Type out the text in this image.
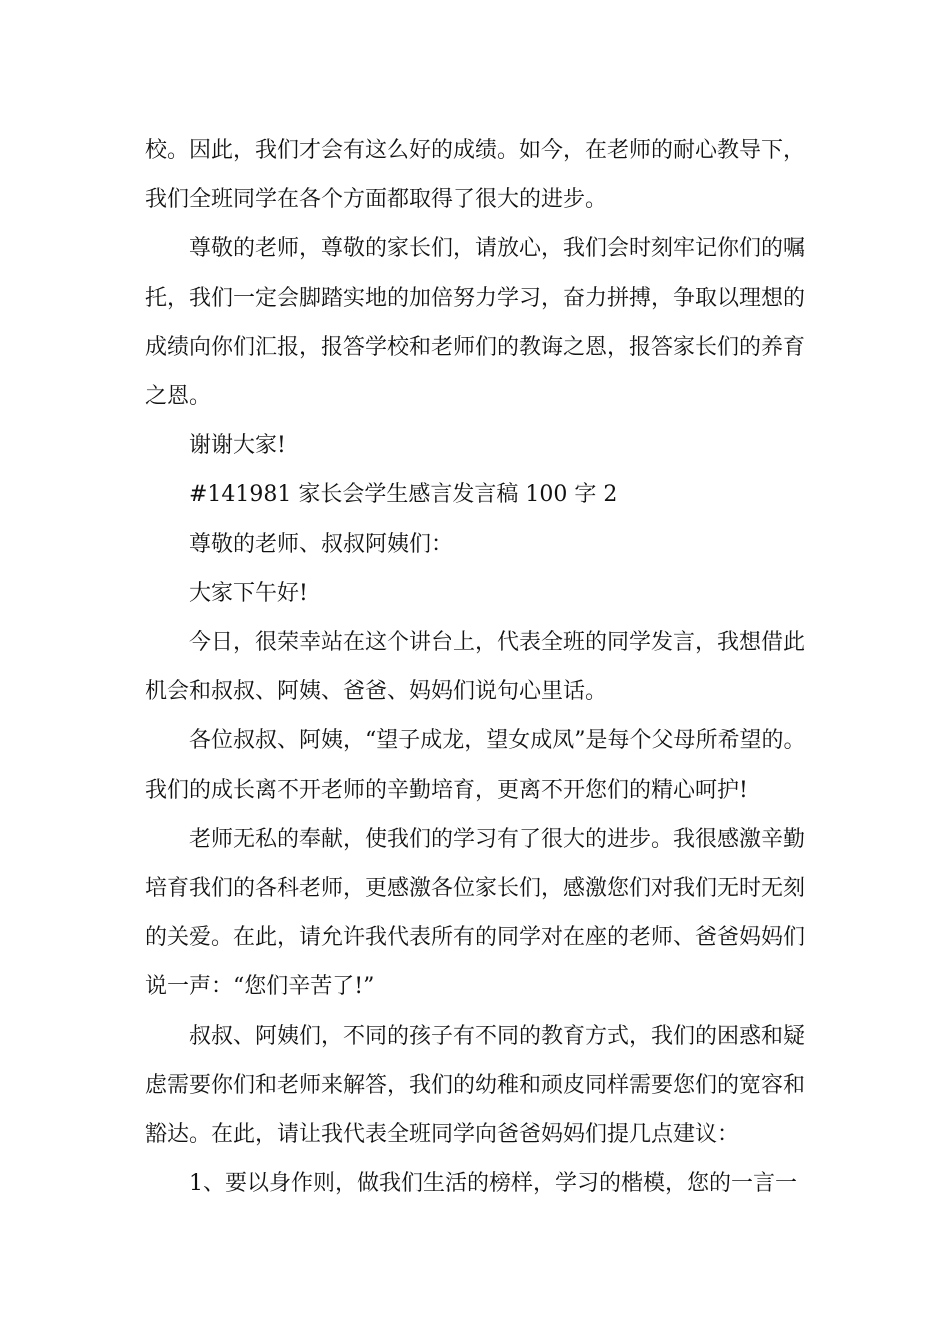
校。因此，我们才会有这么好的成绩。如今，在老师的耐心教导下，我们全班同学在各个方面都取得了很大的进步。

尊敬的老师，尊敬的家长们，请放心，我们会时刻牢记你们的嘱托，我们一定会脚踏实地的加倍努力学习，奋力拼搏，争取以理想的成绩向你们汇报，报答学校和老师们的教诲之恩，报答家长们的养育之恩。

谢谢大家!

#141981 家长会学生感言发言稿 100 字 2

尊敬的老师、叔叔阿姨们：

大家下午好!

今日，很荣幸站在这个讲台上，代表全班的同学发言，我想借此机会和叔叔、阿姨、爸爸、妈妈们说句心里话。

各位叔叔、阿姨，“望子成龙，望女成凤”是每个父母所希望的。我们的成长离不开老师的辛勤培育，更离不开您们的精心呵护!

老师无私的奉献，使我们的学习有了很大的进步。我很感激辛勤培育我们的各科老师，更感激各位家长们，感激您们对我们无时无刻的关爱。在此，请允许我代表所有的同学对在座的老师、爸爸妈妈们说一声：“您们辛苦了!”

叔叔、阿姨们，不同的孩子有不同的教育方式，我们的困惑和疑虑需要你们和老师来解答，我们的幼稚和顽皮同样需要您们的宽容和豁达。在此，请让我代表全班同学向爸爸妈妈们提几点建议：

1、要以身作则，做我们生活的榜样，学习的楷模，您的一言一
